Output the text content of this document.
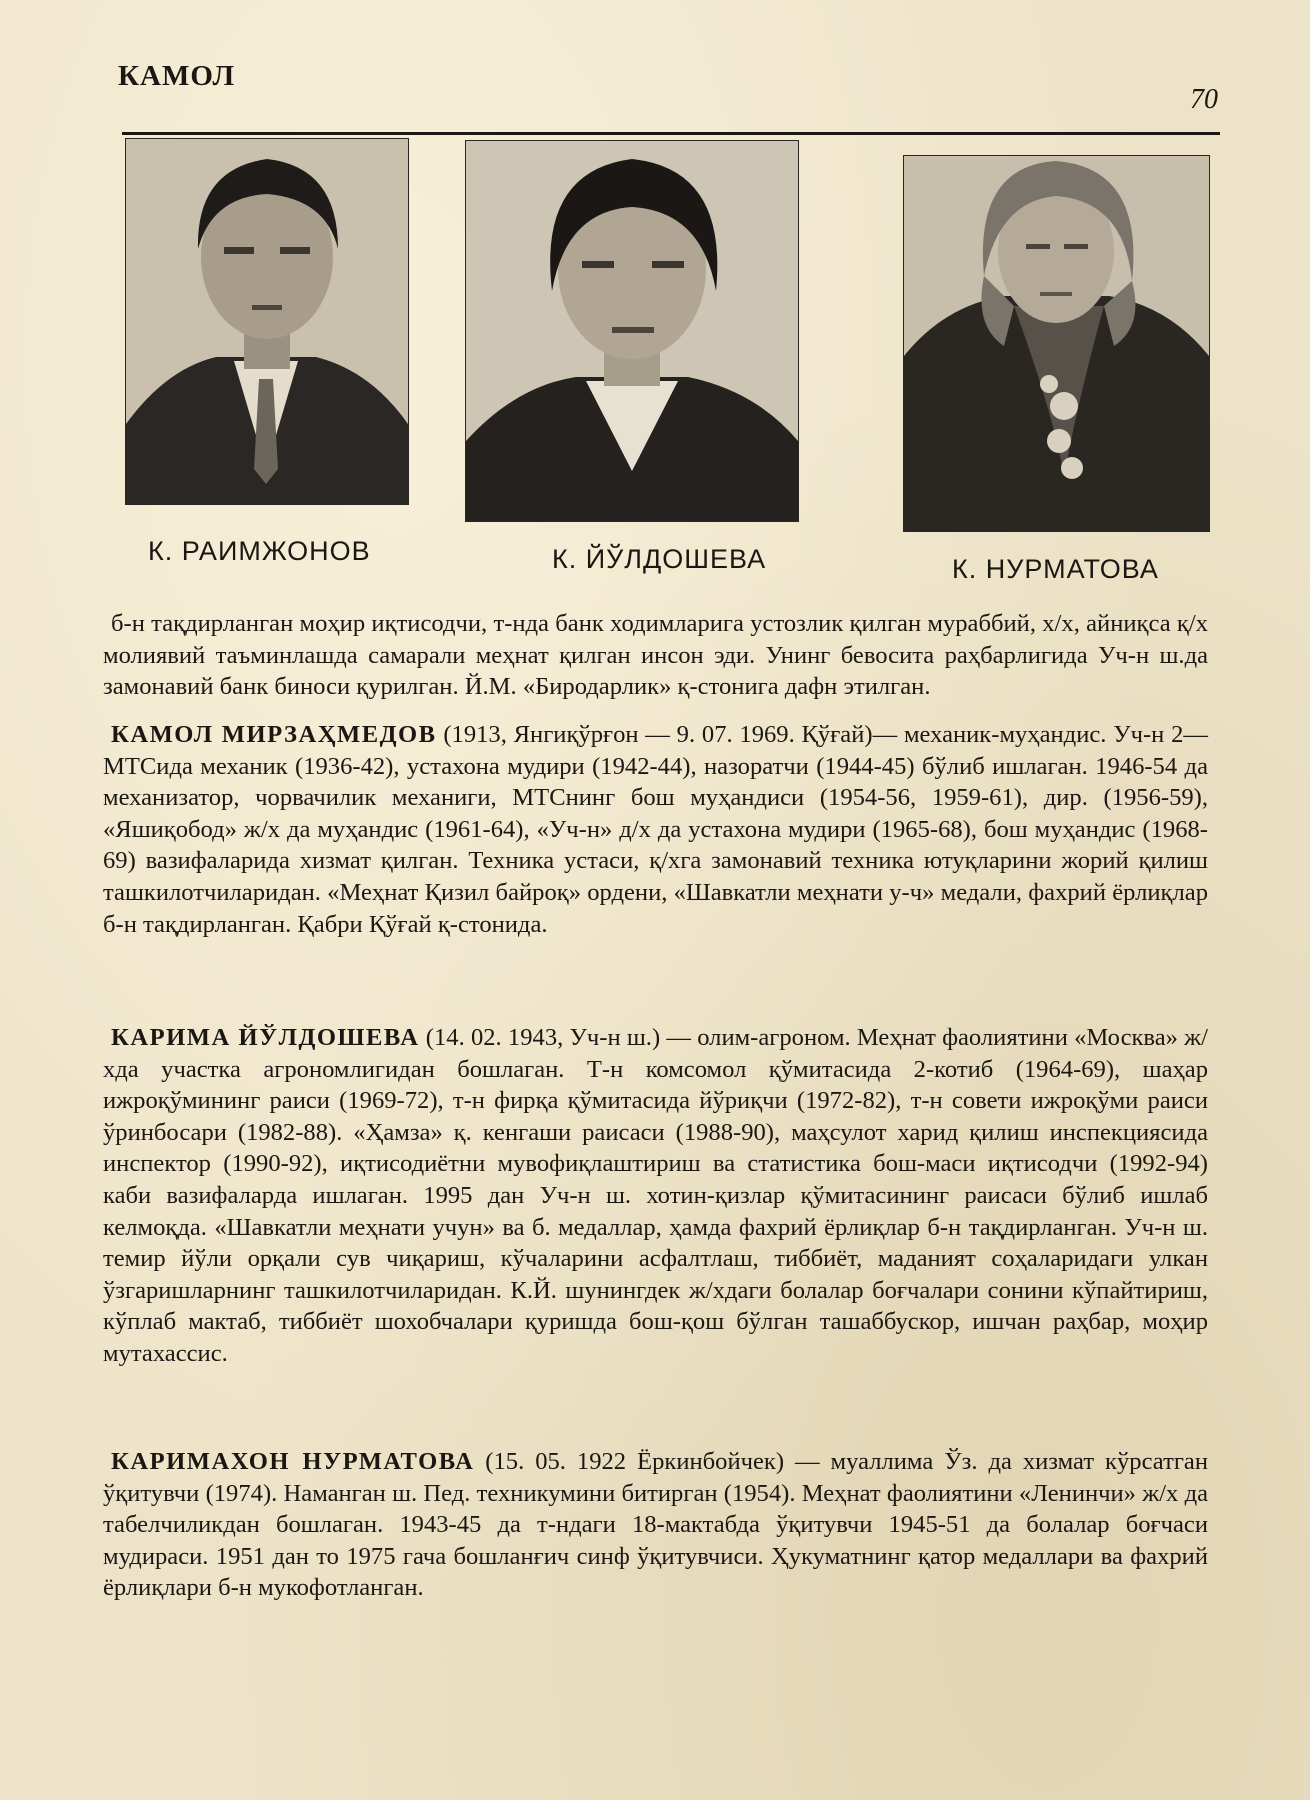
КАМОЛ
70
К. РАИМЖОНОВ	К. ЙЎЛДОШЕВА	К. НУРМАТОВА

б-н тақдирланган моҳир иқтисодчи, т-нда банк ходимларига устозлик қилган мураббий, х/х, айниқса қ/х молиявий таъминлашда самарали меҳнат қилган инсон эди. Унинг бевосита раҳбарлигида Уч-н ш.да замонавий банк биноси қурилган. Й.М. «Биродарлик» қ-стонига дафн этилган.

КАМОЛ МИРЗАҲМЕДОВ (1913, Янгиқўрғон — 9. 07. 1969. Қўғай)— механик-муҳандис. Уч-н 2—МТСида механик (1936-42), устахона мудири (1942-44), назоратчи (1944-45) бўлиб ишлаган. 1946-54 да механизатор, чорвачилик механиги, МТСнинг бош муҳандиси (1954-56, 1959-61), дир. (1956-59), «Яшиқобод» ж/х да муҳандис (1961-64), «Уч-н» д/х да устахона мудири (1965-68), бош муҳандис (1968-69) вазифаларида хизмат қилган. Техника устаси, қ/хга замонавий техника ютуқларини жорий қилиш ташкилотчиларидан. «Меҳнат Қизил байроқ» ордени, «Шавкатли меҳнати у-ч» медали, фахрий ёрлиқлар б-н тақдирланган. Қабри Қўғай қ-стонида.

КАРИМА ЙЎЛДОШЕВА (14. 02. 1943, Уч-н ш.) — олим-агроном. Меҳнат фаолиятини «Москва» ж/хда участка агрономлигидан бошлаган. Т-н комсомол қўмитасида 2-котиб (1964-69), шаҳар ижроқўмининг раиси (1969-72), т-н фирқа қўмитасида йўриқчи (1972-82), т-н совети ижроқўми раиси ўринбосари (1982-88). «Ҳамза» қ. кенгаши раисаси (1988-90), маҳсулот харид қилиш инспекциясида инспектор (1990-92), иқтисодиётни мувофиқлаштириш ва статистика бош-маси иқтисодчи (1992-94) каби вазифаларда ишлаган. 1995 дан Уч-н ш. хотин-қизлар қўмитасининг раисаси бўлиб ишлаб келмоқда. «Шавкатли меҳнати учун» ва б. медаллар, ҳамда фахрий ёрлиқлар б-н тақдирланган. Уч-н ш. темир йўли орқали сув чиқариш, кўчаларини асфалтлаш, тиббиёт, маданият соҳаларидаги улкан ўзгаришларнинг ташкилотчиларидан. К.Й. шунингдек ж/хдаги болалар боғчалари сонини кўпайтириш, кўплаб мактаб, тиббиёт шохобчалари қуришда бош-қош бўлган ташаббускор, ишчан раҳбар, моҳир мутахассис.

КАРИМАХОН НУРМАТОВА (15. 05. 1922 Ёркинбойчек) — муаллима Ўз. да хизмат кўрсатган ўқитувчи (1974). Наманган ш. Пед. техникумини битирган (1954). Меҳнат фаолиятини «Ленинчи» ж/х да табелчиликдан бошлаган. 1943-45 да т-ндаги 18-мактабда ўқитувчи 1945-51 да болалар боғчаси мудираси. 1951 дан то 1975 гача бошланғич синф ўқитувчиси. Ҳукуматнинг қатор медаллари ва фахрий ёрлиқлари б-н мукофотланган.
